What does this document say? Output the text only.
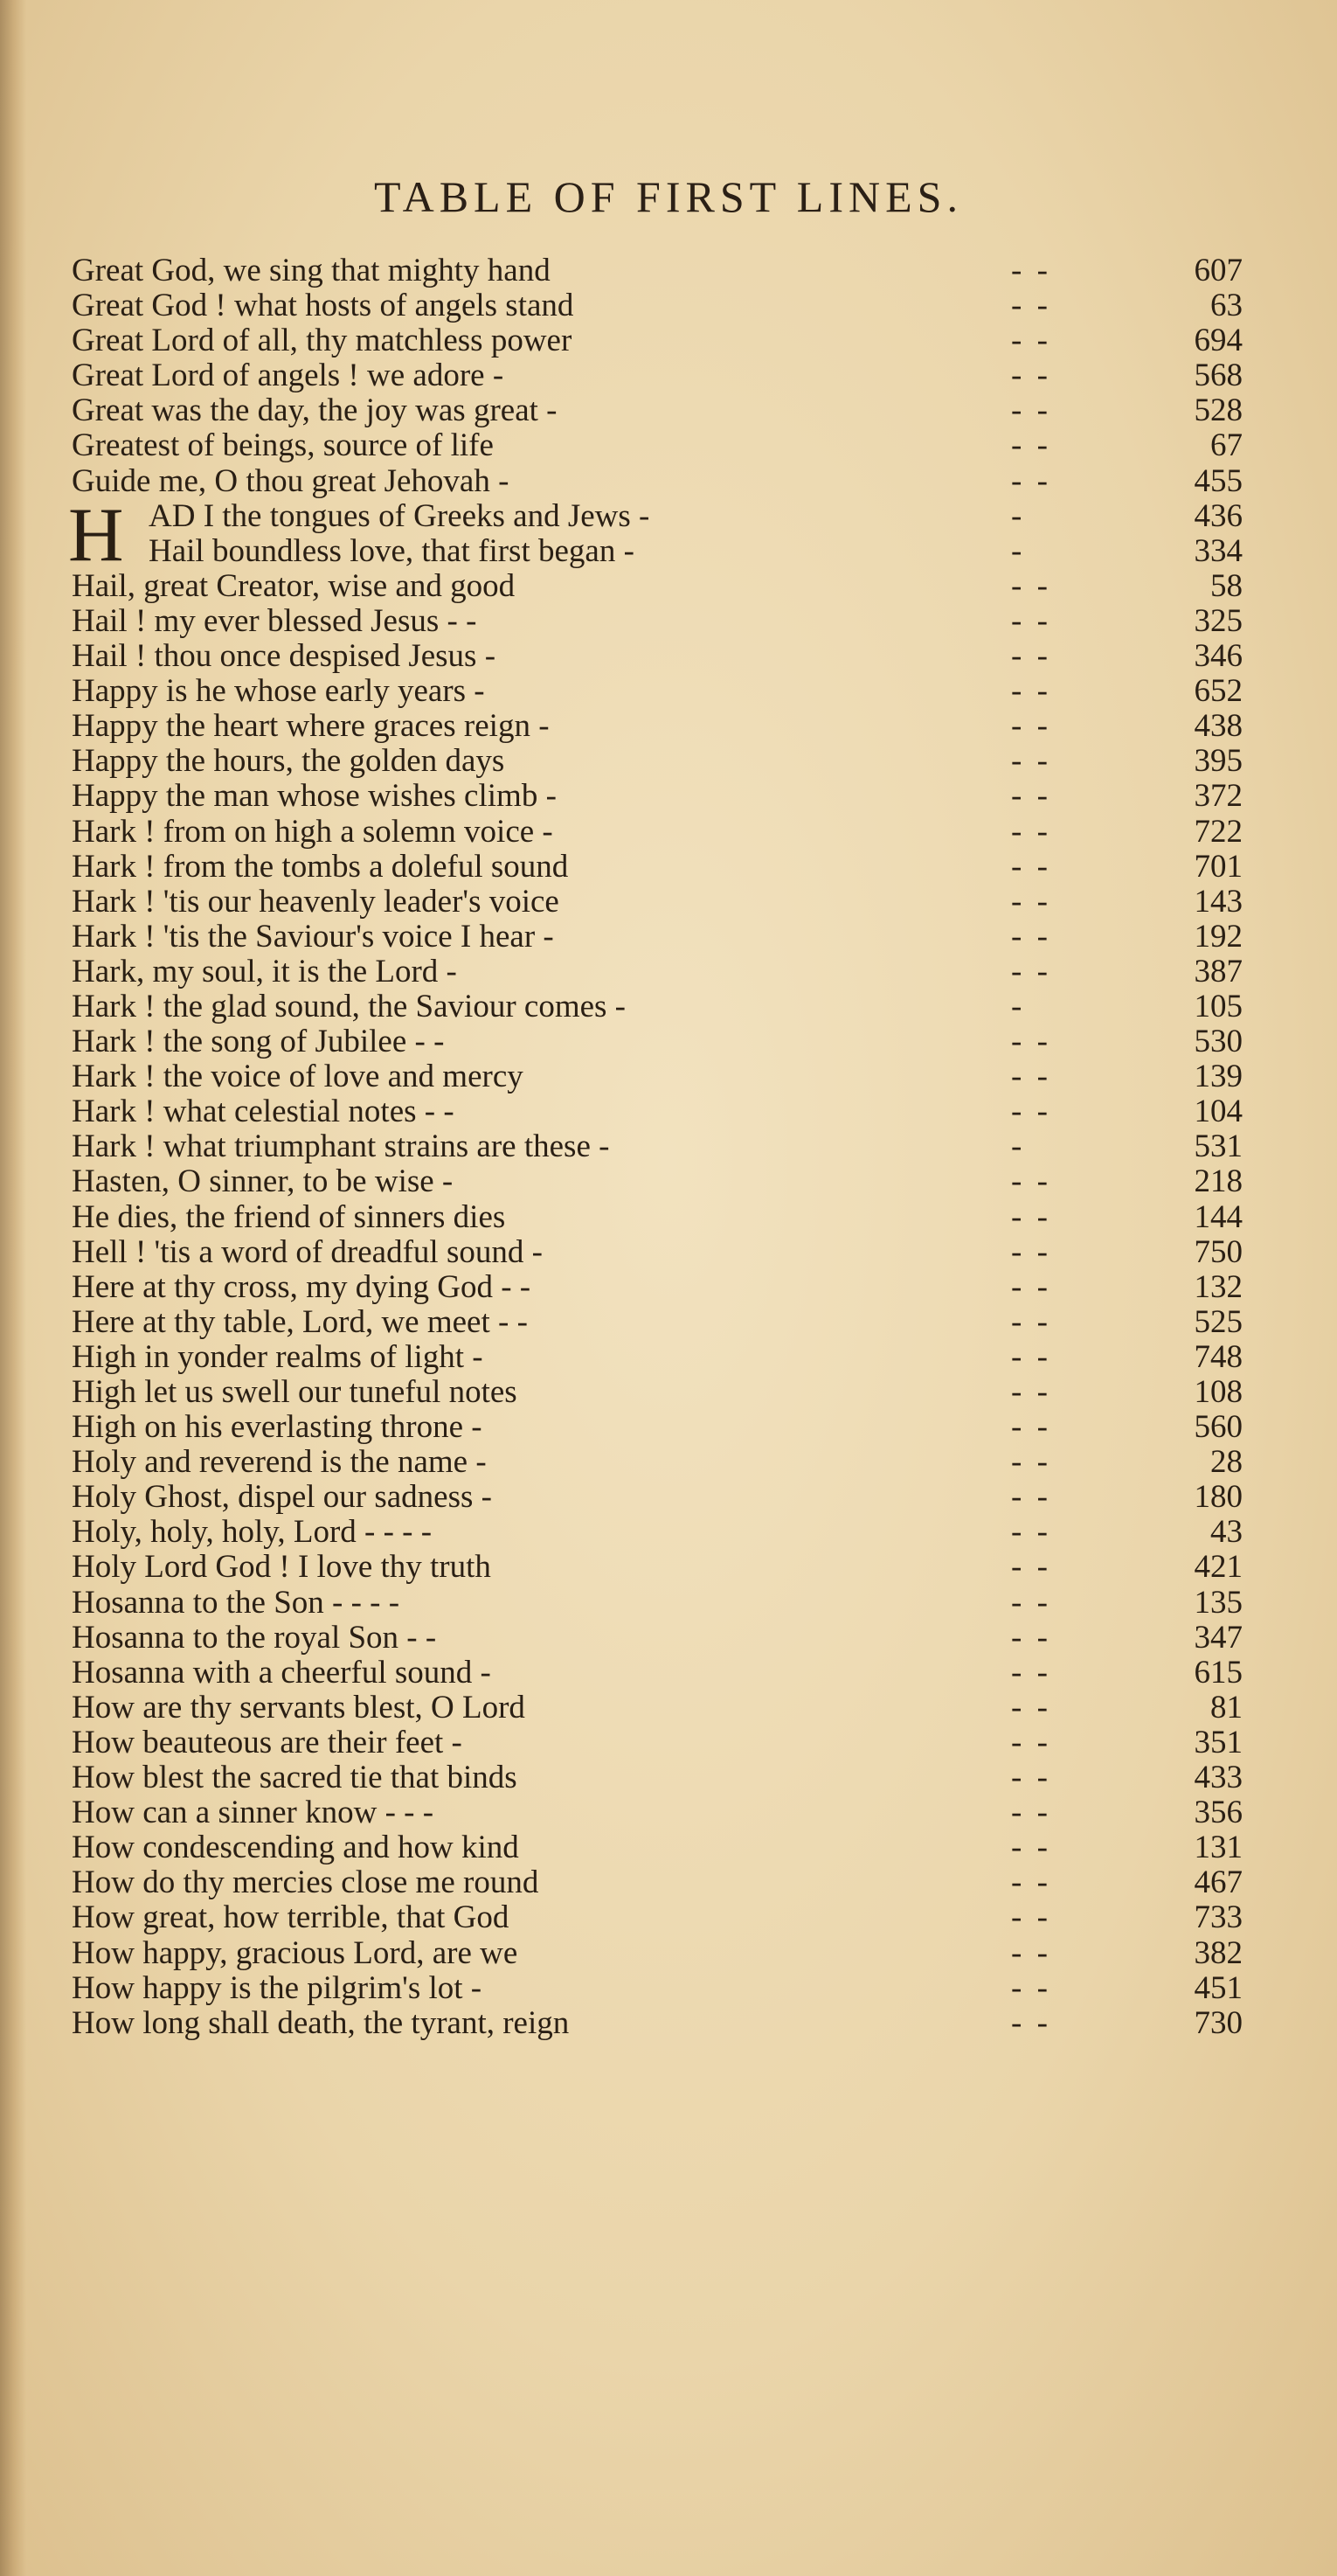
TABLE OF FIRST LINES.
Great God, we sing that mighty hand	- -	607
Great God ! what hosts of angels stand	- -	63
Great Lord of all, thy matchless power	- -	694
Great Lord of angels ! we adore -	- -	568
Great was the day, the joy was great -	- -	528
Greatest of beings, source of life	- -	67
Guide me, O thou great Jehovah -	- -	455
H AD I the tongues of Greeks and Jews -	-	436
Hail boundless love, that first began -	-	334
Hail, great Creator, wise and good	- -	58
Hail ! my ever blessed Jesus - -	- -	325
Hail ! thou once despised Jesus -	- -	346
Happy is he whose early years -	- -	652
Happy the heart where graces reign -	- -	438
Happy the hours, the golden days	- -	395
Happy the man whose wishes climb -	- -	372
Hark ! from on high a solemn voice -	- -	722
Hark ! from the tombs a doleful sound	- -	701
Hark ! 'tis our heavenly leader's voice	- -	143
Hark ! 'tis the Saviour's voice I hear -	- -	192
Hark, my soul, it is the Lord -	- -	387
Hark ! the glad sound, the Saviour comes -	-	105
Hark ! the song of Jubilee - -	- -	530
Hark ! the voice of love and mercy	- -	139
Hark ! what celestial notes - -	- -	104
Hark ! what triumphant strains are these -	-	531
Hasten, O sinner, to be wise -	- -	218
He dies, the friend of sinners dies	- -	144
Hell ! 'tis a word of dreadful sound -	- -	750
Here at thy cross, my dying God - -	- -	132
Here at thy table, Lord, we meet - -	- -	525
High in yonder realms of light -	- -	748
High let us swell our tuneful notes	- -	108
High on his everlasting throne -	- -	560
Holy and reverend is the name -	- -	28
Holy Ghost, dispel our sadness -	- -	180
Holy, holy, holy, Lord - - - -	- -	43
Holy Lord God ! I love thy truth	- -	421
Hosanna to the Son - - - -	- -	135
Hosanna to the royal Son - -	- -	347
Hosanna with a cheerful sound -	- -	615
How are thy servants blest, O Lord	- -	81
How beauteous are their feet -	- -	351
How blest the sacred tie that binds	- -	433
How can a sinner know - - -	- -	356
How condescending and how kind	- -	131
How do thy mercies close me round	- -	467
How great, how terrible, that God	- -	733
How happy, gracious Lord, are we	- -	382
How happy is the pilgrim's lot -	- -	451
How long shall death, the tyrant, reign	- -	730
